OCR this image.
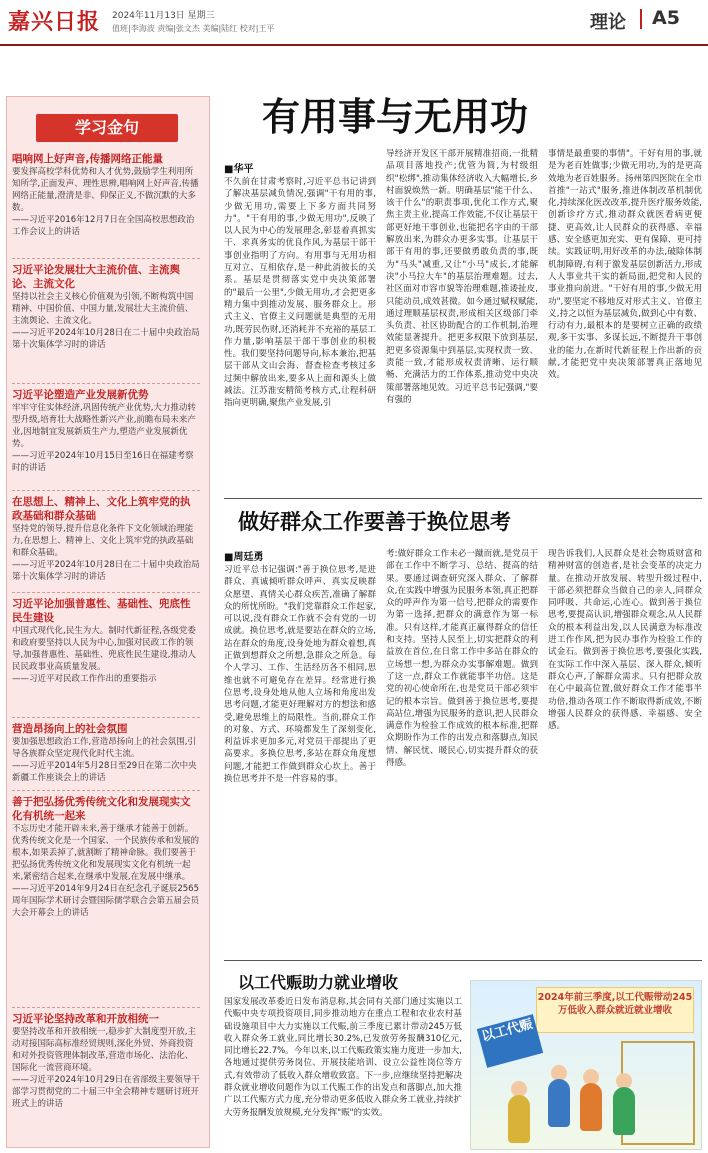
嘉兴日报 2024年11月13日 星期三
值班|李海波 责编|张文杰 美编|陆红 校对|王平	理论 A5
学习金句
唱响网上好声音,传播网络正能量
要发挥高校学科优势和人才优势,鼓励学生利用所知所学,正面发声、理性思辨,唱响网上好声音,传播网络正能量,澄清是非、仰保正义,不做沉默的大多数。
——习近平2016年12月7日在全国高校思想政治工作会议上的讲话
习近平论发展壮大主流价值、主流舆论、主流文化
坚持以社会主义核心价值观为引领,不断构筑中国精神、中国价值、中国力量,发展壮大主流价值、主流舆论、主流文化。
——习近平2024年10月28日在二十届中央政治局第十次集体学习时的讲话
习近平论塑造产业发展新优势
牢牢守住实体经济,巩固传统产业优势,大力推动转型升级,培育壮大战略性新兴产业,前瞻布局未来产业,因地制宜发展新质生产力,塑造产业发展新优势。
——习近平2024年10月15日至16日在福建考察时的讲话
在思想上、精神上、文化上筑牢党的执政基础和群众基础
坚持党的领导,提升信息化条件下文化领域治理能力,在思想上、精神上、文化上筑牢党的执政基础和群众基础。
——习近平2024年10月28日在二十届中央政治局第十次集体学习时的讲话
习近平论加强普惠性、基础性、兜底性民生建设
中国式现代化,民生为大。制时代新征程,各级党委和政府要坚持以人民为中心,加强对民政工作的领导,加强普惠性、基础性、兜底性民生建设,推动人民民政事业高质量发展。
——习近平对民政工作作出的重要指示
营造昂扬向上的社会氛围
要加强思想政治工作,营造昂扬向上的社会氛围,引导各族群众坚定现代化时代主流。
——习近平2014年5月28日至29日在第二次中央新疆工作座谈会上的讲话
善于把弘扬优秀传统文化和发展现实文化有机统一起来
不忘历史才能开辟未来,善于继承才能善于创新。优秀传统文化是一个国家、一个民族传承和发展的根本,如果丢掉了,就割断了精神命脉。我们要善于把弘扬优秀传统文化和发展现实文化有机统一起来,紧密结合起来,在继承中发展,在发展中继承。
——习近平2014年9月24日在纪念孔子诞辰2565周年国际学术研讨会暨国际儒学联合会第五届会员大会开幕会上的讲话
习近平论坚持改革和开放相统一
要坚持改革和开放相统一,稳步扩大制度型开放,主动对接国际高标准经贸规则,深化外贸、外商投资和对外投资管理体制改革,营造市场化、法治化、国际化一流营商环境。
——习近平2024年10月29日在省部级主要领导干部学习贯彻党的二十届三中全会精神专题研讨班开班式上的讲话
有用事与无用功
■华平
不久前在甘肃考察时,习近平总书记讲到了解决基层减负情况,强调"干有用的事,少做无用功,需要上下多方面共同努力"。"干有用的事,少做无用功",反映了以人民为中心的发展理念,彰显着真抓实干、求真务实的优良作风,为基层干部干事创业指明了方向。有用事与无用功相互对立、互相依存,是一种此消彼长的关系。基层是贯彻落实党中央决策部署的"最后一公里",少做无用功,才会把更多精力集中到推动发展、服务群众上。形式主义、官僚主义问题就是典型的无用功,既劳民伤财,还消耗并不充裕的基层工作力量,影响基层干部干事创业的积极性。我们要坚持问题导向,标本兼治,把基层干部从文山会海、督查检查考核过多过频中解放出来,要多从上面和源头上做减法。江苏淮安精简考核方式,让程科研指向更明确,聚焦产业发展,引
导经济开发区干部开展精准招商,一批精品项目落地投产;优管为简,为村级组织"松绑",推动集体经济收入大幅增长,乡村面貌焕然一新。明确基层"能干什么、该干什么"的职责事项,优化工作方式,聚焦主责主业,提高工作效能,不仅让基层干部更好地干事创业,也能把名字由的干部解放出来,为群众办更多实事。让基层干部干有用的事,还要做勇敢负责的事,既为"马头"减重,又让"小马"成长,才能解决"小马拉大车"的基层治理难题。过去,社区面对市容市貌等治理难题,推诿扯皮,只能动员,成效甚微。如今通过赋权赋能,通过理顺基层权责,形成相关区级部门牵头负责、社区协助配合的工作机制,治理效能显著提升。把更多权限下放到基层,把更多资源集中到基层,实现权责一致、责能一致,才能形成权责清晰、运行顺畅、充满活力的工作体系,推动党中央决策部署落地见效。习近平总书记强调,"要有强的
事情是最重要的事情"。干好有用的事,就是为老百姓做事;少做无用功,为的是更高效地为老百姓服务。扬州第四医院在全市首推"一站式"服务,推进体制改革机制优化,持续深化医改改革,提升医疗服务效能,创新诊疗方式,推动群众就医看病更便捷、更高效,让人民群众的获得感、幸福感、安全感更加充实、更有保障、更可持续。实践证明,用好改革的办法,破除体制机制障碍,有利于激发基层创新活力,形成人人事业共干实的新局面,把党和人民的事业推向前进。"干好有用的事,少做无用功",要坚定不移地反对形式主义、官僚主义,持之以恒为基层减负,做到心中有数、行动有力,最根本的是要树立正确的政绩观,多干实事、多谋长远,不断提升干事创业的能力,在新时代新征程上作出新的贡献,才能把党中央决策部署真正落地见效。
做好群众工作要善于换位思考
■周廷勇
习近平总书记强调:"善于换位思考,是进群众、真诚倾听群众呼声、真实反映群众愿望、真情关心群众疾苦,准确了解群众的所忧所盼。"我们党靠群众工作起家,可以说,没有群众工作就不会有党的一切成就。换位思考,就是要站在群众的立场,站在群众的角度,设身处地为群众着想,真正做到想群众之所想,急群众之所急。每个人学习、工作、生活经历各不相同,思维也就不可避免存在差异。经常进行换位思考,设身处地从他人立场和角度出发思考问题,才能更好理解对方的想法和感受,避免思维上的局限性。当前,群众工作的对象、方式、环境都发生了深刻变化,利益诉求更加多元,对党员干部提出了更高要求。多换位思考,多站在群众角度想问题,才能把工作做到群众心坎上。善于换位思考并不是一件容易的事。
考:做好群众工作未必一蹴而就,是党员干部在工作中不断学习、总结、提高的结果。要通过调查研究深入群众、了解群众,在实践中增强为民服务本领,真正把群众的呼声作为第一信号,把群众的需要作为第一选择,把群众的满意作为第一标准。只有这样,才能真正赢得群众的信任和支持。坚持人民至上,切实把群众的利益放在首位,在日常工作中多站在群众的立场想一想,为群众办实事解难题。做到了这一点,群众工作就能事半功倍。这是党的初心使命所在,也是党员干部必须牢记的根本宗旨。做到善于换位思考,要提高站位,增强为民服务的意识,把人民群众满意作为检验工作成效的根本标准,把群众期盼作为工作的出发点和落脚点,知民情、解民忧、暖民心,切实提升群众的获得感。
现告诉我们,人民群众是社会物质财富和精神财富的创造者,是社会变革的决定力量。在推动开放发展、转型升级过程中,干部必须把群众当做自己的亲人,同群众同呼吸、共命运,心连心。做到善于换位思考,要提高认识,增强群众观念,从人民群众的根本利益出发,以人民满意为标准改进工作作风,把为民办事作为检验工作的试金石。做到善于换位思考,要强化实践,在实际工作中深入基层、深入群众,倾听群众心声,了解群众需求。只有把群众放在心中最高位置,做好群众工作才能事半功倍,推动各项工作不断取得新成效,不断增强人民群众的获得感、幸福感、安全感。
以工代赈助力就业增收
国家发展改革委近日发布消息称,其会同有关部门通过实施以工代赈中央专项投资项目,同步推动地方在重点工程和农业农村基础设施项目中大力实施以工代赈,前三季度已累计带动245万低收入群众务工就业,同比增长30.2%,已发放劳务报酬310亿元,同比增长22.7%。今年以来,以工代赈政策实施力度进一步加大,各地通过提供劳务岗位、开展技能培训、设立公益性岗位等方式,有效带动了低收入群众增收致富。下一步,应继续坚持把解决群众就业增收问题作为以工代赈工作的出发点和落脚点,加大推广以工代赈方式力度,充分带动更多低收入群众务工就业,持续扩大劳务报酬发放规模,充分发挥"赈"的实效。
2024年前三季度,以工代赈带动245万低收入群众就近就业增收
以工代赈
